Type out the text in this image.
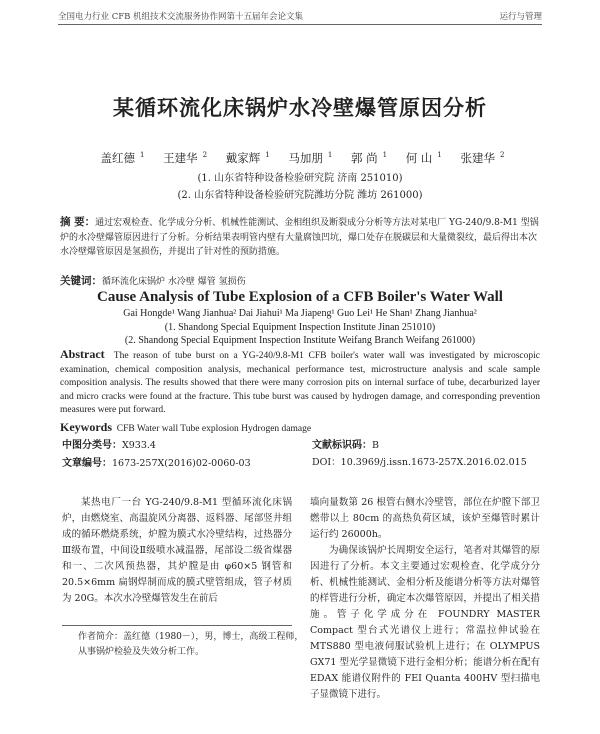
全国电力行业 CFB 机组技术交流服务协作网第十五届年会论文集	运行与管理
某循环流化床锅炉水冷壁爆管原因分析
盖红德 $^1$ 王建华 $^2$ 戴家辉 $^1$ 马加朋 $^1$ 郭 尚 $^1$ 何 山 $^1$ 张建华 $^2$
(1. 山东省特种设备检验研究院 济南 251010)
(2. 山东省特种设备检验研究院潍坊分院 潍坊 261000)
摘 要：通过宏观检查、化学成分分析、机械性能测试、金相组织及断裂成分分析等方法对某电厂 YG-240/9.8-M1 型锅炉的水冷壁爆管原因进行了分析。分析结果表明管内壁有大量腐蚀凹坑，爆口处存在脱碳层和大量微裂纹，最后得出本次水冷壁爆管原因是氢损伤，并提出了针对性的预防措施。
关键词：循环流化床锅炉 水冷壁 爆管 氢损伤
Cause Analysis of Tube Explosion of a CFB Boiler's Water Wall
Gai Hongde¹ Wang Jianhua² Dai Jiahui¹ Ma Jiapeng¹ Guo Lei¹ He Shan¹ Zhang Jianhua²
(1. Shandong Special Equipment Inspection Institute Jinan 251010)
(2. Shandong Special Equipment Inspection Institute Weifang Branch Weifang 261000)
Abstract The reason of tube burst on a YG-240/9.8-M1 CFB boiler's water wall was investigated by microscopic examination, chemical composition analysis, mechanical performance test, microstructure analysis and scale sample composition analysis. The results showed that there were many corrosion pits on internal surface of tube, decarburized layer and micro cracks were found at the fracture. This tube burst was caused by hydrogen damage, and corresponding prevention measures were put forward.
Keywords CFB Water wall Tube explosion Hydrogen damage
中图分类号：X933.4	文献标识码：B
文章编号：1673-257X(2016)02-0060-03	DOI：10.3969/j.issn.1673-257X.2016.02.015

某热电厂一台 YG-240/9.8-M1 型循环流化床锅炉，由燃烧室、高温旋风分离器、返料器、尾部竖井组成的循环燃烧系统，炉膛为膜式水冷壁结构，过热器分Ⅲ级布置，中间设Ⅱ级喷水减温器，尾部设二级省煤器和一、二次风预热器，其炉膛是由 φ60×5 钢管和 20.5×6mm 扁钢焊制而成的膜式壁管组成，管子材质为 20G。本次水冷壁爆管发生在前后

墙向量数第 26 根管右侧水冷壁管，部位在炉膛下部卫燃带以上 80cm 的高热负荷区域，该炉至爆管时累计运行约 26000h。

为确保该锅炉长周期安全运行，笔者对其爆管的原因进行了分析。本文主要通过宏观检查、化学成分分析、机械性能测试、金相分析及能谱分析等方法对爆管的样管进行分析，确定本次爆管原因，并提出了相关措施。管子化学成分在 FOUNDRY MASTER Compact 型台式光谱仪上进行；常温拉伸试验在 MTS880 型电液伺服试验机上进行；在 OLYMPUS GX71 型光学显微镜下进行金相分析；能谱分析在配有 EDAX 能谱仪附件的 FEI Quanta 400HV 型扫描电子显微镜下进行。

作者简介：盖红德（1980－），男，博士，高级工程师，从事锅炉检验及失效分析工作。
